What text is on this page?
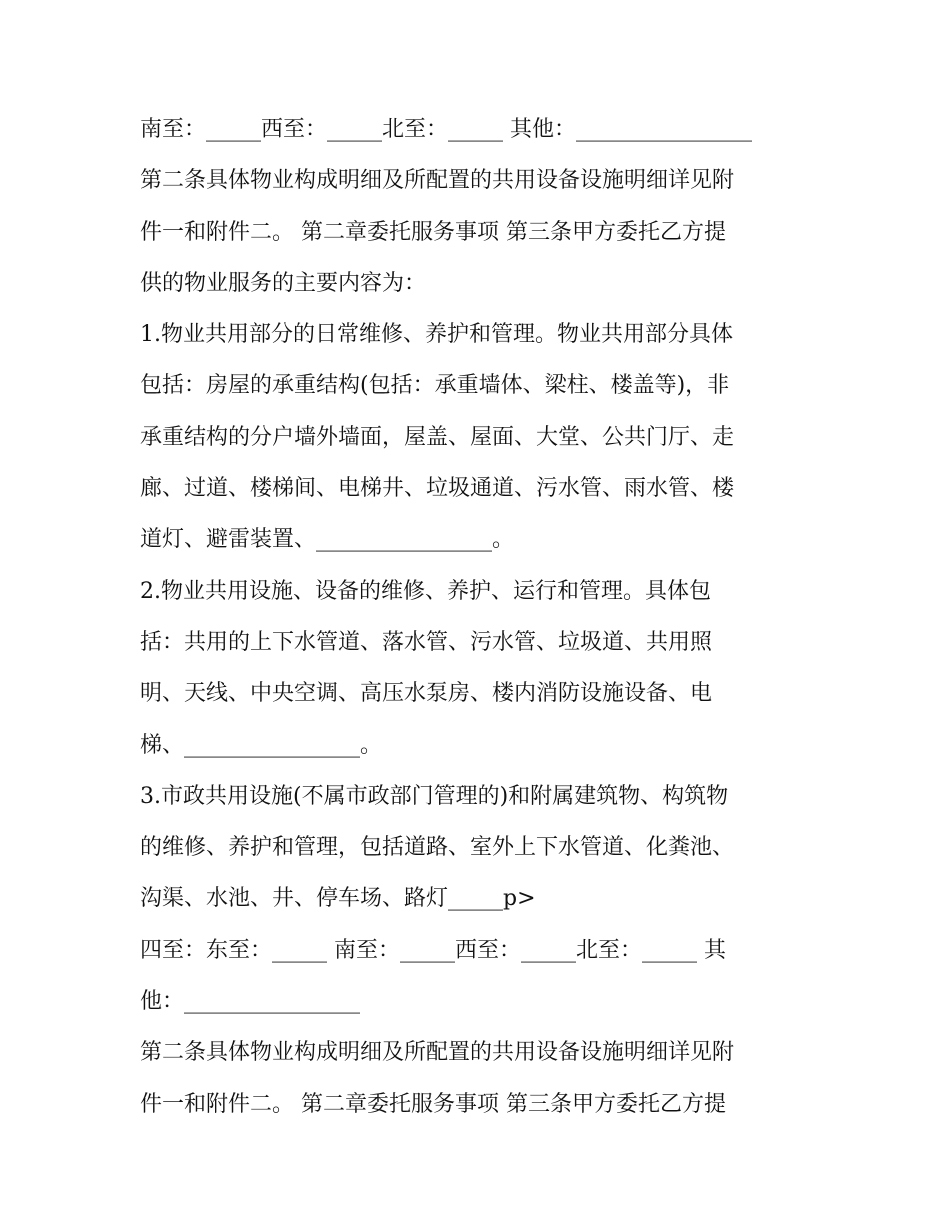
南至：_____西至：_____北至：_____ 其他：________________
第二条具体物业构成明细及所配置的共用设备设施明细详见附
件一和附件二。 第二章委托服务事项 第三条甲方委托乙方提
供的物业服务的主要内容为：
1.物业共用部分的日常维修、养护和管理。物业共用部分具体
包括：房屋的承重结构(包括：承重墙体、梁柱、楼盖等)，非
承重结构的分户墙外墙面，屋盖、屋面、大堂、公共门厅、走
廊、过道、楼梯间、电梯井、垃圾通道、污水管、雨水管、楼
道灯、避雷装置、________________。
2.物业共用设施、设备的维修、养护、运行和管理。具体包
括：共用的上下水管道、落水管、污水管、垃圾道、共用照
明、天线、中央空调、高压水泵房、楼内消防设施设备、电
梯、________________。
3.市政共用设施(不属市政部门管理的)和附属建筑物、构筑物
的维修、养护和管理，包括道路、室外上下水管道、化粪池、
沟渠、水池、井、停车场、路灯_____p>
四至：东至：_____ 南至：_____西至：_____北至：_____ 其
他：________________
第二条具体物业构成明细及所配置的共用设备设施明细详见附
件一和附件二。 第二章委托服务事项 第三条甲方委托乙方提
